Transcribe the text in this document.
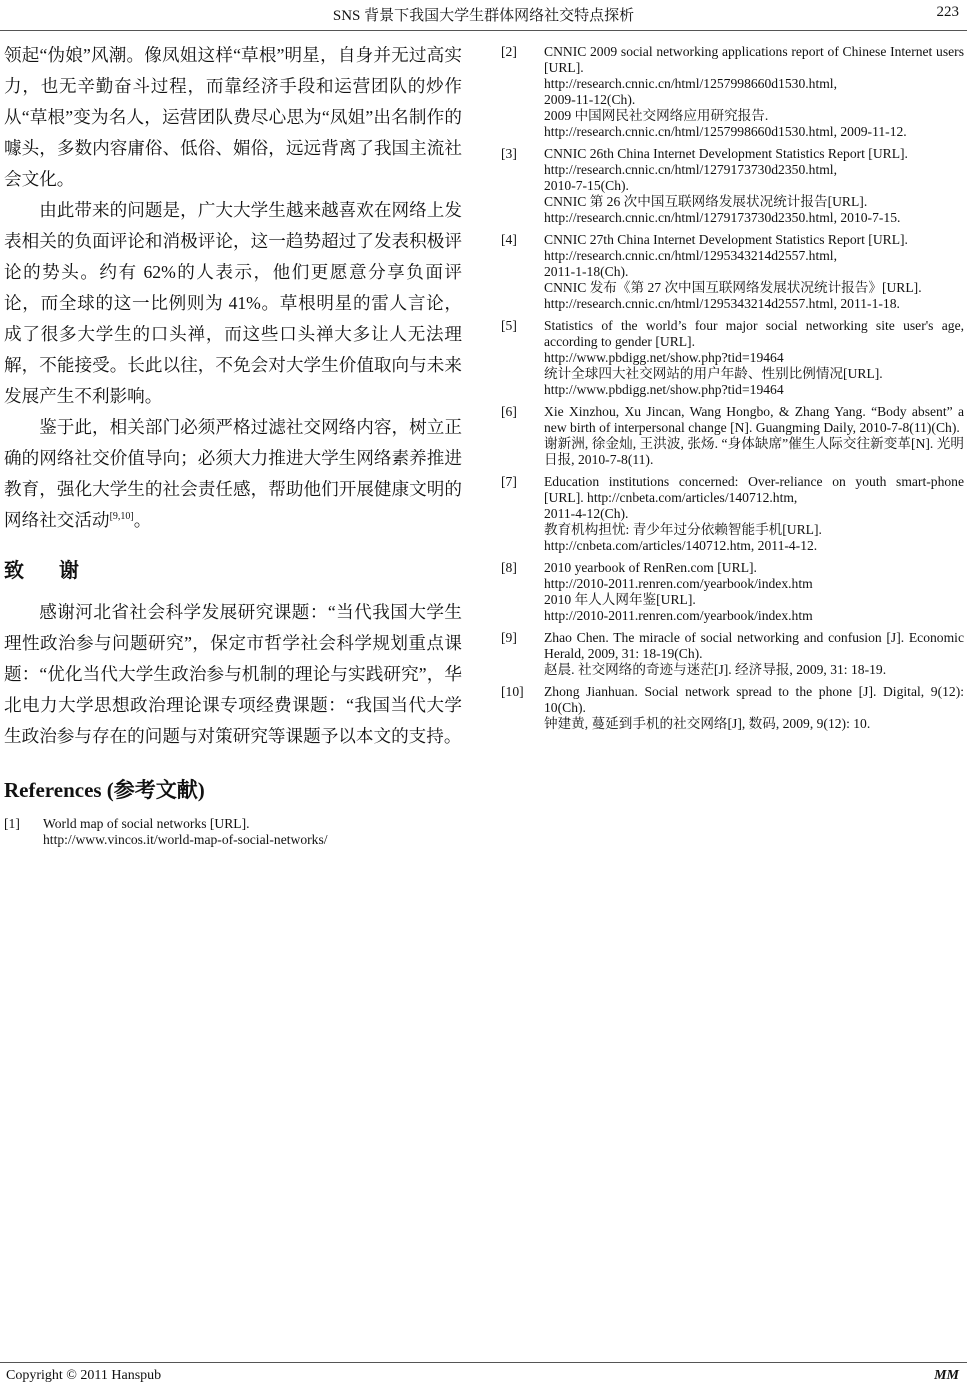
SNS 背景下我国大学生群体网络社交特点探析	223

领起“伪娘”风潮。像凤姐这样“草根”明星，自身并无过高实力，也无辛勤奋斗过程，而靠经济手段和运营团队的炒作从“草根”变为名人，运营团队费尽心思为“凤姐”出名制作的噱头，多数内容庸俗、低俗、媚俗，远远背离了我国主流社会文化。

由此带来的问题是，广大大学生越来越喜欢在网络上发表相关的负面评论和消极评论，这一趋势超过了发表积极评论的势头。约有 62%的人表示，他们更愿意分享负面评论，而全球的这一比例则为 41%。草根明星的雷人言论，成了很多大学生的口头禅，而这些口头禅大多让人无法理解，不能接受。长此以往，不免会对大学生价值取向与未来发展产生不利影响。

鉴于此，相关部门必须严格过滤社交网络内容，树立正确的网络社交价值导向；必须大力推进大学生网络素养推进教育，强化大学生的社会责任感，帮助他们开展健康文明的网络社交活动[9,10]。

致 谢

感谢河北省社会科学发展研究课题：“当代我国大学生理性政治参与问题研究”，保定市哲学社会科学规划重点课题：“优化当代大学生政治参与机制的理论与实践研究”，华北电力大学思想政治理论课专项经费课题：“我国当代大学生政治参与存在的问题与对策研究等课题予以本文的支持。

References (参考文献)
[1] World map of social networks [URL].
http://www.vincos.it/world-map-of-social-networks/
[2] CNNIC 2009 social networking applications report of Chinese Internet users [URL].
http://research.cnnic.cn/html/1257998660d1530.html,
2009-11-12(Ch).
2009 中国网民社交网络应用研究报告.
http://research.cnnic.cn/html/1257998660d1530.html, 2009-11-12.
[3] CNNIC 26th China Internet Development Statistics Report [URL].
http://research.cnnic.cn/html/1279173730d2350.html,
2010-7-15(Ch).
CNNIC 第 26 次中国互联网络发展状况统计报告[URL].
http://research.cnnic.cn/html/1279173730d2350.html, 2010-7-15.
[4] CNNIC 27th China Internet Development Statistics Report [URL].
http://research.cnnic.cn/html/1295343214d2557.html,
2011-1-18(Ch).
CNNIC 发布《第 27 次中国互联网络发展状况统计报告》[URL].
http://research.cnnic.cn/html/1295343214d2557.html, 2011-1-18.
[5] Statistics of the world’s four major social networking site user's age, according to gender [URL].
http://www.pbdigg.net/show.php?tid=19464
统计全球四大社交网站的用户年龄、性别比例情况[URL].
http://www.pbdigg.net/show.php?tid=19464
[6] Xie Xinzhou, Xu Jincan, Wang Hongbo, & Zhang Yang. “Body absent” a new birth of interpersonal change [N]. Guangming Daily, 2010-7-8(11)(Ch).
谢新洲, 徐金灿, 王洪波, 张炀. “身体缺席”催生人际交往新变革[N]. 光明日报, 2010-7-8(11).
[7] Education institutions concerned: Over-reliance on youth smart-phone [URL]. http://cnbeta.com/articles/140712.htm,
2011-4-12(Ch).
教育机构担忧: 青少年过分依赖智能手机[URL].
http://cnbeta.com/articles/140712.htm, 2011-4-12.
[8] 2010 yearbook of RenRen.com [URL].
http://2010-2011.renren.com/yearbook/index.htm
2010 年人人网年鉴[URL].
http://2010-2011.renren.com/yearbook/index.htm
[9] Zhao Chen. The miracle of social networking and confusion [J]. Economic Herald, 2009, 31: 18-19(Ch).
赵晨. 社交网络的奇迹与迷茫[J]. 经济导报, 2009, 31: 18-19.
[10] Zhong Jianhuan. Social network spread to the phone [J]. Digital, 9(12): 10(Ch).
钟建黄, 蔓延到手机的社交网络[J], 数码, 2009, 9(12): 10.
Copyright © 2011 Hanspub	MM
